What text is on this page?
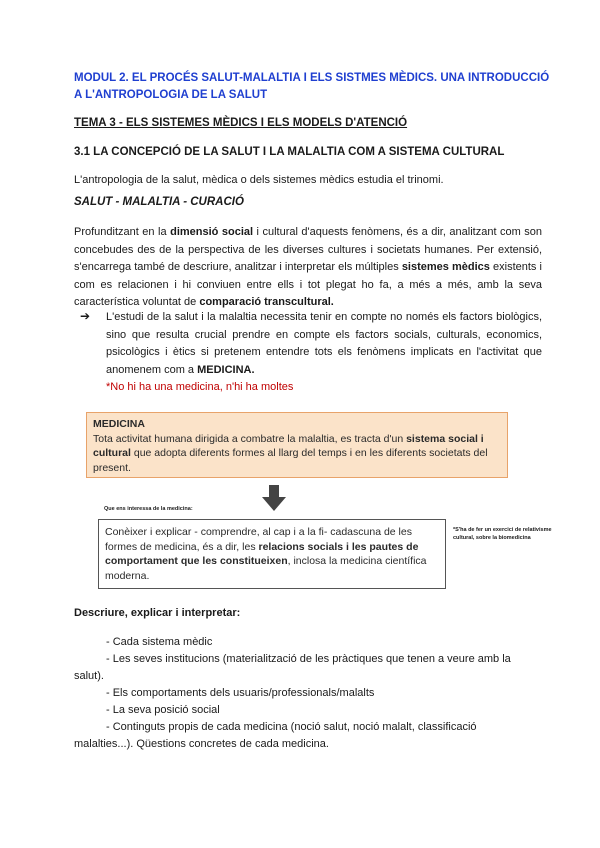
MODUL 2. EL PROCÉS SALUT-MALALTIA I ELS SISTMES MÈDICS. UNA INTRODUCCIÓ A L'ANTROPOLOGIA DE LA SALUT
TEMA 3 - ELS SISTEMES MÈDICS I ELS MODELS D'ATENCIÓ
3.1 LA CONCEPCIÓ DE LA SALUT I LA MALALTIA COM A SISTEMA CULTURAL
L'antropologia de la salut, mèdica o dels sistemes mèdics estudia el trinomi.
SALUT - MALALTIA - CURACIÓ
Profunditzant en la dimensió social i cultural d'aquests fenòmens, és a dir, analitzant com son concebudes des de la perspectiva de les diverses cultures i societats humanes. Per extensió, s'encarrega també de descriure, analitzar i interpretar els múltiples sistemes mèdics existents i com es relacionen i hi conviuen entre ells i tot plegat ho fa, a més a més, amb la seva característica voluntat de comparació transcultural.
➔ L'estudi de la salut i la malaltia necessita tenir en compte no només els factors biològics, sino que resulta crucial prendre en compte els factors socials, culturals, economics, psicològics i ètics si pretenem entendre tots els fenòmens implicats en l'activitat que anomenem com a MEDICINA.
*No hi ha una medicina, n'hi ha moltes
MEDICINA
Tota activitat humana dirigida a combatre la malaltia, es tracta d'un sistema social i cultural que adopta diferents formes al llarg del temps i en les diferents societats del present.
Que ens interessa de la medicina:
Conèixer i explicar - comprendre, al cap i a la fi- cadascuna de les formes de medicina, és a dir, les relacions socials i les pautes de comportament que les constitueixen, inclosa la medicina científica moderna.
*S'ha de fer un exercici de relativisme cultural, sobre la biomedicina
Descriure, explicar i interpretar:
- Cada sistema mèdic
- Les seves institucions (materialització de les pràctiques que tenen a veure amb la
salut).
- Els comportaments dels usuaris/professionals/malalts
- La seva posició social
- Continguts propis de cada medicina (noció salut, noció malalt, classificació
malalties...). Qüestions concretes de cada medicina.
